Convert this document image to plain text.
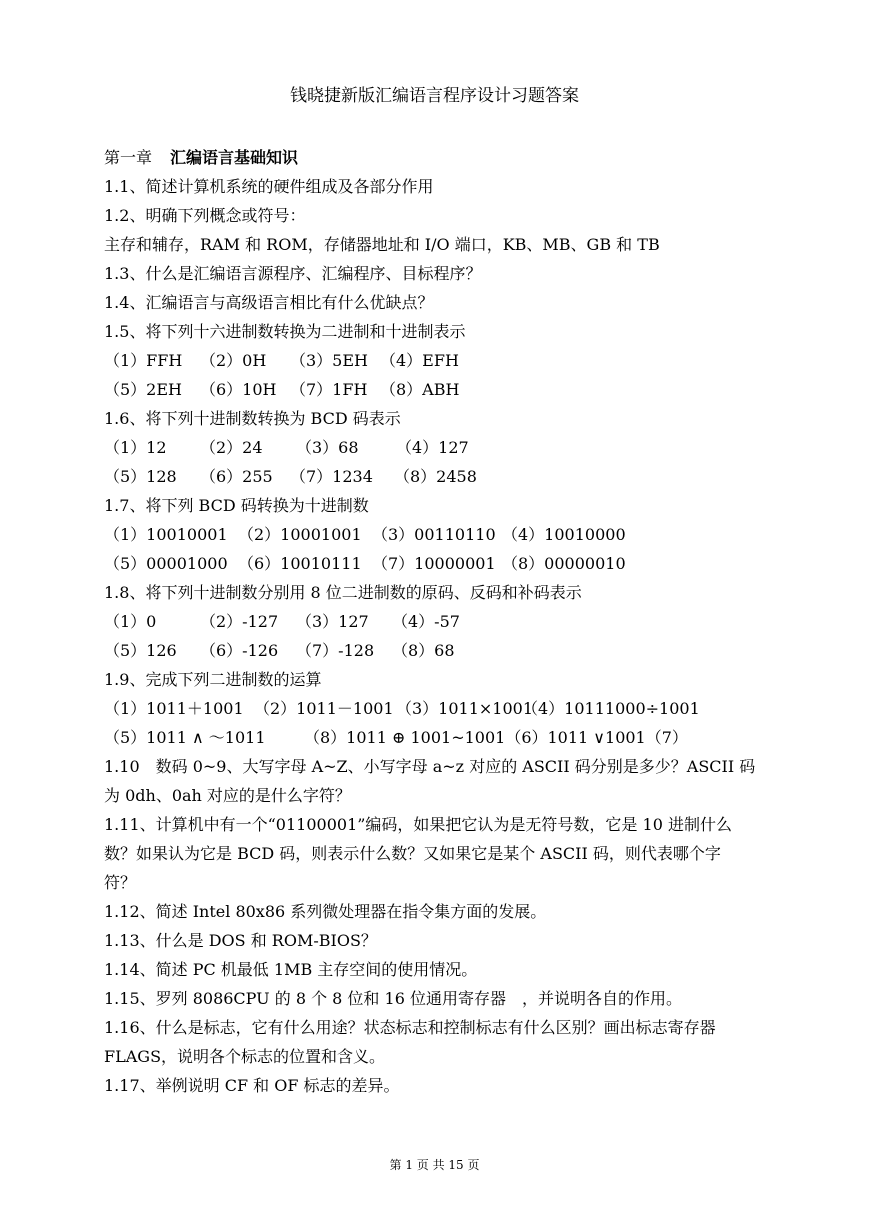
钱晓捷新版汇编语言程序设计习题答案
第一章 汇编语言基础知识
1.1、简述计算机系统的硬件组成及各部分作用
1.2、明确下列概念或符号：
主存和辅存，RAM 和 ROM，存储器地址和 I/O 端口，KB、MB、GB 和 TB
1.3、什么是汇编语言源程序、汇编程序、目标程序？
1.4、汇编语言与高级语言相比有什么优缺点？
1.5、将下列十六进制数转换为二进制和十进制表示
（1）FFH （2）0H （3）5EH （4）EFH
（5）2EH （6）10H （7）1FH （8）ABH
1.6、将下列十进制数转换为 BCD 码表示
（1）12 （2）24 （3）68 （4）127
（5）128 （6）255 （7）1234 （8）2458
1.7、将下列 BCD 码转换为十进制数
（1）10010001 （2）10001001 （3）00110110 （4）10010000
（5）00001000 （6）10010111 （7）10000001 （8）00000010
1.8、将下列十进制数分别用 8 位二进制数的原码、反码和补码表示
（1）0	（2）-127 （3）127 （4）-57
（5）126 （6）-126 （7）-128 （8）68
1.9、完成下列二进制数的运算
（1）1011＋1001 （2）1011－1001 （3）1011×1001（4）10111000÷1001
（5）1011 ∧ ～1011 （8）1011 ⊕ 1001~1001（6）1011 ∨1001（7）
1.10　数码 0~9、大写字母 A~Z、小写字母 a~z 对应的 ASCII 码分别是多少？ASCII 码
为 0dh、0ah 对应的是什么字符？
1.11、计算机中有一个“01100001”编码，如果把它认为是无符号数，它是 10 进制什么
数？如果认为它是 BCD 码，则表示什么数？又如果它是某个 ASCII 码，则代表哪个字
符？
1.12、简述 Intel 80x86 系列微处理器在指令集方面的发展。
1.13、什么是 DOS 和 ROM-BIOS？
1.14、简述 PC 机最低 1MB 主存空间的使用情况。
1.15、罗列 8086CPU 的 8 个 8 位和 16 位通用寄存器　，并说明各自的作用。
1.16、什么是标志，它有什么用途？状态标志和控制标志有什么区别？画出标志寄存器
FLAGS，说明各个标志的位置和含义。
1.17、举例说明 CF 和 OF 标志的差异。
第 1 页 共 15 页
